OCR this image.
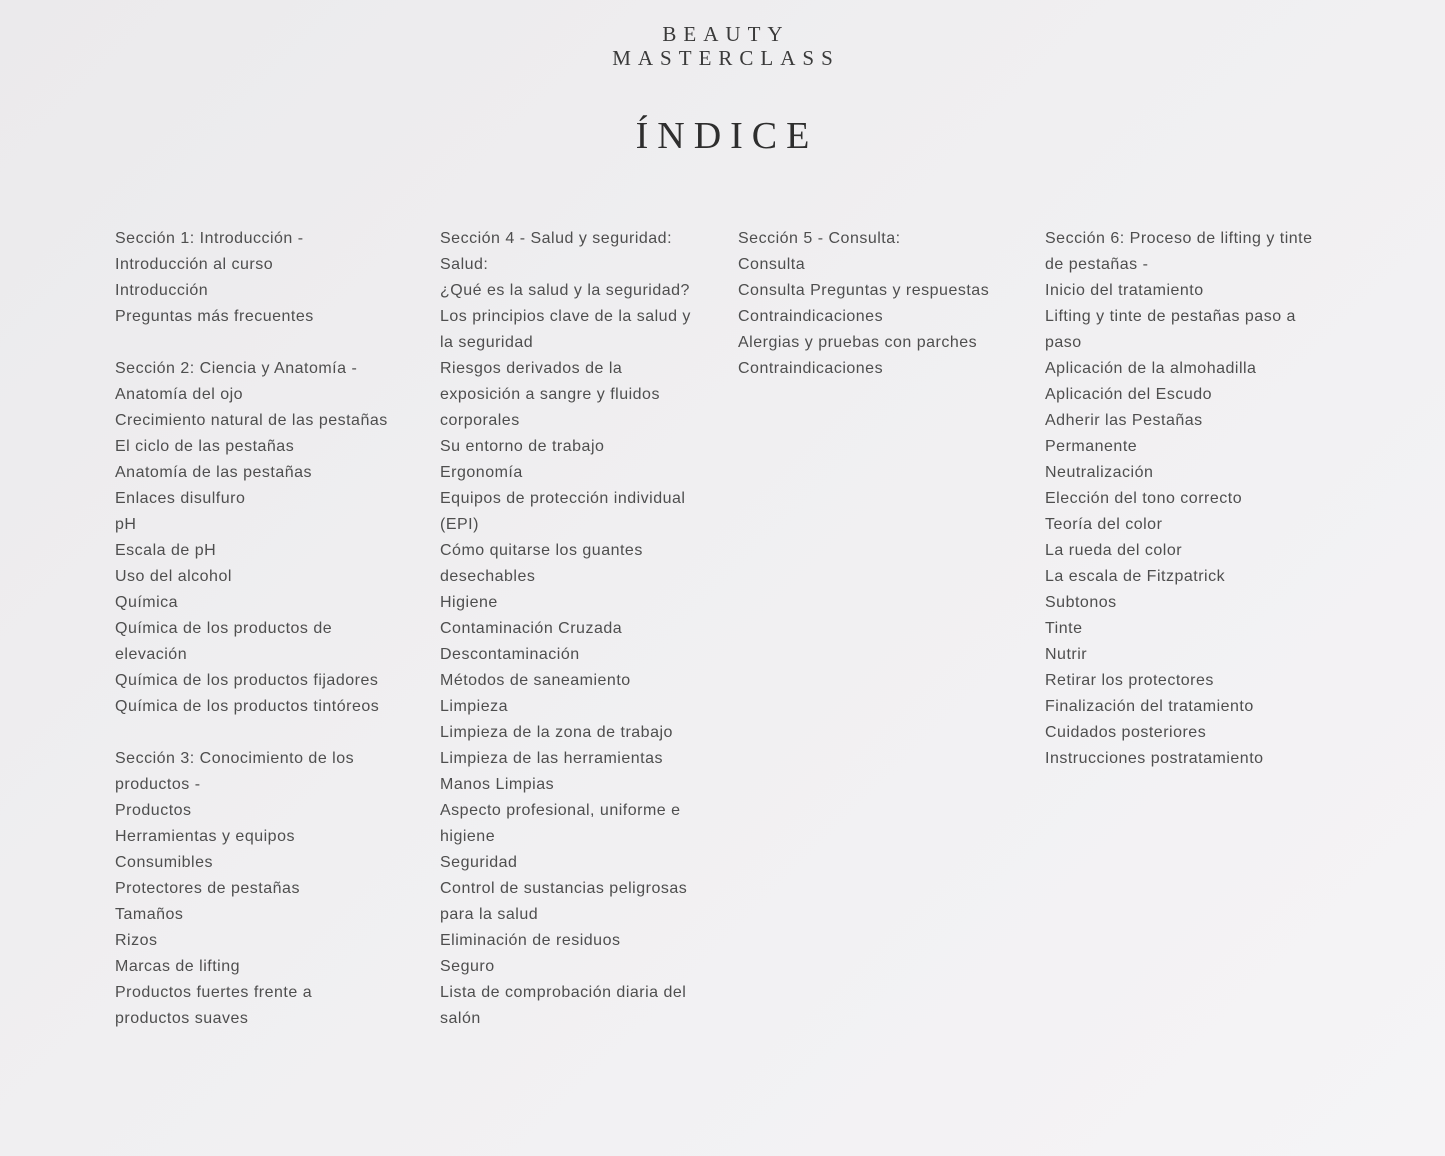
BEAUTY
MASTERCLASS
ÍNDICE
Sección 1: Introducción -
Introducción al curso
Introducción
Preguntas más frecuentes
Sección 2: Ciencia y Anatomía -
Anatomía del ojo
Crecimiento natural de las pestañas
El ciclo de las pestañas
Anatomía de las pestañas
Enlaces disulfuro
pH
Escala de pH
Uso del alcohol
Química
Química de los productos de
elevación
Química de los productos fijadores
Química de los productos tintóreos
Sección 3: Conocimiento de los
productos -
Productos
Herramientas y equipos
Consumibles
Protectores de pestañas
Tamaños
Rizos
Marcas de lifting
Productos fuertes frente a
productos suaves
Sección 4 - Salud y seguridad:
Salud:
¿Qué es la salud y la seguridad?
Los principios clave de la salud y
la seguridad
Riesgos derivados de la
exposición a sangre y fluidos
corporales
Su entorno de trabajo
Ergonomía
Equipos de protección individual
(EPI)
Cómo quitarse los guantes
desechables
Higiene
Contaminación Cruzada
Descontaminación
Métodos de saneamiento
Limpieza
Limpieza de la zona de trabajo
Limpieza de las herramientas
Manos Limpias
Aspecto profesional, uniforme e
higiene
Seguridad
Control de sustancias peligrosas
para la salud
Eliminación de residuos
Seguro
Lista de comprobación diaria del
salón
Sección 5 - Consulta:
Consulta
Consulta Preguntas y respuestas
Contraindicaciones
Alergias y pruebas con parches
Contraindicaciones
Sección 6: Proceso de lifting y tinte
de pestañas -
Inicio del tratamiento
Lifting y tinte de pestañas paso a
paso
Aplicación de la almohadilla
Aplicación del Escudo
Adherir las Pestañas
Permanente
Neutralización
Elección del tono correcto
Teoría del color
La rueda del color
La escala de Fitzpatrick
Subtonos
Tinte
Nutrir
Retirar los protectores
Finalización del tratamiento
Cuidados posteriores
Instrucciones postratamiento
